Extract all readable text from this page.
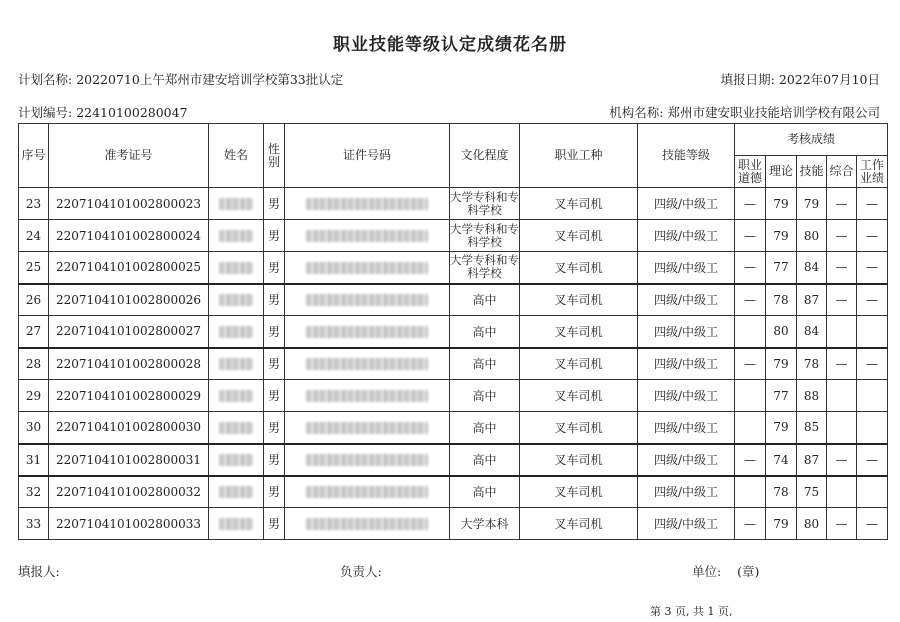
职业技能等级认定成绩花名册
计划名称: 20220710上午郑州市建安培训学校第33批认定	填报日期: 2022年07月10日
计划编号: 22410100280047	机构名称: 郑州市建安职业技能培训学校有限公司
序号	准考证号	姓名	性别	证件号码	文化程度	职业工种	技能等级	考核成绩				
								职业道德	理论	技能	综合	工作业绩
23	2207104101002800023		男		大学专科和专科学校	叉车司机	四级/中级工	—	79	79	—	—
24	2207104101002800024		男		大学专科和专科学校	叉车司机	四级/中级工	—	79	80	—	—
25	2207104101002800025		男		大学专科和专科学校	叉车司机	四级/中级工	—	77	84	—	—
26	2207104101002800026		男		高中	叉车司机	四级/中级工	—	78	87	—	—
27	2207104101002800027		男		高中	叉车司机	四级/中级工		80	84		
28	2207104101002800028		男		高中	叉车司机	四级/中级工	—	79	78	—	—
29	2207104101002800029		男		高中	叉车司机	四级/中级工		77	88		
30	2207104101002800030		男		高中	叉车司机	四级/中级工		79	85		
31	2207104101002800031		男		高中	叉车司机	四级/中级工	—	74	87	—	—
32	2207104101002800032		男		高中	叉车司机	四级/中级工		78	75		
33	2207104101002800033		男		大学本科	叉车司机	四级/中级工	—	79	80	—	—
填报人:	负责人:	单位: (章)
第 3 页, 共 1 页,
